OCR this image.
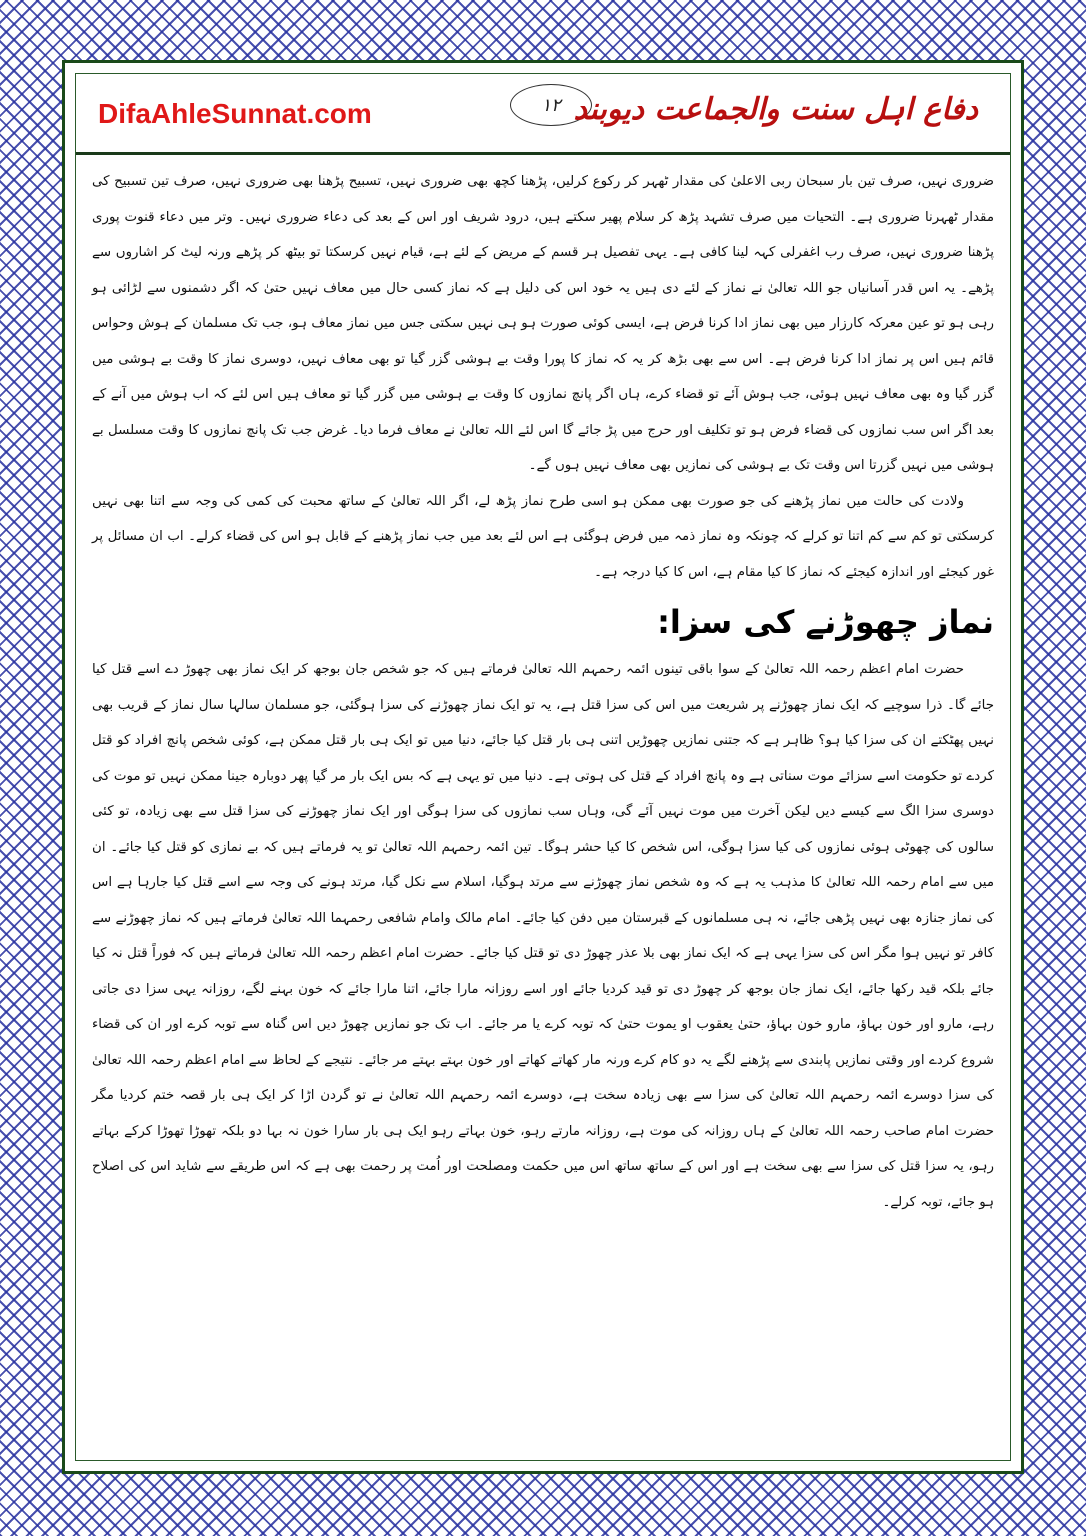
DifaAhleSunnat.com	۱۲ دفاع اہل سنت والجماعت دیوبند

ضروری نہیں، صرف تین بار سبحان ربی الاعلیٰ کی مقدار ٹھہر کر رکوع کرلیں، پڑھنا کچھ بھی ضروری نہیں، تسبیح پڑھنا بھی ضروری نہیں، صرف تین تسبیح کی مقدار ٹھہرنا ضروری ہے۔ التحیات میں صرف تشہد پڑھ کر سلام پھیر سکتے ہیں، درود شریف اور اس کے بعد کی دعاء ضروری نہیں۔ وتر میں دعاء قنوت پوری پڑھنا ضروری نہیں، صرف رب اغفرلی کہہ لینا کافی ہے۔ یہی تفصیل ہر قسم کے مریض کے لئے ہے، قیام نہیں کرسکتا تو بیٹھ کر پڑھے ورنہ لیٹ کر اشاروں سے پڑھے۔ یہ اس قدر آسانیاں جو اللہ تعالیٰ نے نماز کے لئے دی ہیں یہ خود اس کی دلیل ہے کہ نماز کسی حال میں معاف نہیں حتیٰ کہ اگر دشمنوں سے لڑائی ہو رہی ہو تو عین معرکہ کارزار میں بھی نماز ادا کرنا فرض ہے، ایسی کوئی صورت ہو ہی نہیں سکتی جس میں نماز معاف ہو، جب تک مسلمان کے ہوش وحواس قائم ہیں اس پر نماز ادا کرنا فرض ہے۔ اس سے بھی بڑھ کر یہ کہ نماز کا پورا وقت بے ہوشی گزر گیا تو بھی معاف نہیں، دوسری نماز کا وقت بے ہوشی میں گزر گیا وہ بھی معاف نہیں ہوئی، جب ہوش آئے تو قضاء کرے، ہاں اگر پانچ نمازوں کا وقت بے ہوشی میں گزر گیا تو معاف ہیں اس لئے کہ اب ہوش میں آنے کے بعد اگر اس سب نمازوں کی قضاء فرض ہو تو تکلیف اور حرج میں پڑ جائے گا اس لئے اللہ تعالیٰ نے معاف فرما دیا۔ غرض جب تک پانچ نمازوں کا وقت مسلسل بے ہوشی میں نہیں گزرتا اس وقت تک بے ہوشی کی نمازیں بھی معاف نہیں ہوں گے۔

ولادت کی حالت میں نماز پڑھنے کی جو صورت بھی ممکن ہو اسی طرح نماز پڑھ لے، اگر اللہ تعالیٰ کے ساتھ محبت کی کمی کی وجہ سے اتنا بھی نہیں کرسکتی تو کم سے کم اتنا تو کرلے کہ چونکہ وہ نماز ذمہ میں فرض ہوگئی ہے اس لئے بعد میں جب نماز پڑھنے کے قابل ہو اس کی قضاء کرلے۔ اب ان مسائل پر غور کیجئے اور اندازہ کیجئے کہ نماز کا کیا مقام ہے، اس کا کیا درجہ ہے۔

نماز چھوڑنے کی سزا:

حضرت امام اعظم رحمہ اللہ تعالیٰ کے سوا باقی تینوں ائمہ رحمہم اللہ تعالیٰ فرماتے ہیں کہ جو شخص جان بوجھ کر ایک نماز بھی چھوڑ دے اسے قتل کیا جائے گا۔ ذرا سوچیے کہ ایک نماز چھوڑنے پر شریعت میں اس کی سزا قتل ہے، یہ تو ایک نماز چھوڑنے کی سزا ہوگئی، جو مسلمان سالہا سال نماز کے قریب بھی نہیں پھٹکتے ان کی سزا کیا ہو؟ ظاہر ہے کہ جتنی نمازیں چھوڑیں اتنی ہی بار قتل کیا جائے، دنیا میں تو ایک ہی بار قتل ممکن ہے، کوئی شخص پانچ افراد کو قتل کردے تو حکومت اسے سزائے موت سناتی ہے وہ پانچ افراد کے قتل کی ہوتی ہے۔ دنیا میں تو یہی ہے کہ بس ایک بار مر گیا پھر دوبارہ جینا ممکن نہیں تو موت کی دوسری سزا الگ سے کیسے دیں لیکن آخرت میں موت نہیں آئے گی، وہاں سب نمازوں کی سزا ہوگی اور ایک نماز چھوڑنے کی سزا قتل سے بھی زیادہ، تو کئی سالوں کی چھوٹی ہوئی نمازوں کی کیا سزا ہوگی، اس شخص کا کیا حشر ہوگا۔ تین ائمہ رحمہم اللہ تعالیٰ تو یہ فرماتے ہیں کہ بے نمازی کو قتل کیا جائے۔ ان میں سے امام رحمہ اللہ تعالیٰ کا مذہب یہ ہے کہ وہ شخص نماز چھوڑنے سے مرتد ہوگیا، اسلام سے نکل گیا، مرتد ہونے کی وجہ سے اسے قتل کیا جارہا ہے اس کی نماز جنازہ بھی نہیں پڑھی جائے، نہ ہی مسلمانوں کے قبرستان میں دفن کیا جائے۔ امام مالک وامام شافعی رحمہما اللہ تعالیٰ فرماتے ہیں کہ نماز چھوڑنے سے کافر تو نہیں ہوا مگر اس کی سزا یہی ہے کہ ایک نماز بھی بلا عذر چھوڑ دی تو قتل کیا جائے۔ حضرت امام اعظم رحمہ اللہ تعالیٰ فرماتے ہیں کہ فوراً قتل نہ کیا جائے بلکہ قید رکھا جائے، ایک نماز جان بوجھ کر چھوڑ دی تو قید کردیا جائے اور اسے روزانہ مارا جائے، اتنا مارا جائے کہ خون بہنے لگے، روزانہ یہی سزا دی جاتی رہے، مارو اور خون بہاؤ، مارو خون بہاؤ، حتیٰ یعقوب او یموت حتیٰ کہ توبہ کرے یا مر جائے۔ اب تک جو نمازیں چھوڑ دیں اس گناہ سے توبہ کرے اور ان کی قضاء شروع کردے اور وقتی نمازیں پابندی سے پڑھنے لگے یہ دو کام کرے ورنہ مار کھاتے کھاتے اور خون بہتے بہتے مر جائے۔ نتیجے کے لحاظ سے امام اعظم رحمہ اللہ تعالیٰ کی سزا دوسرے ائمہ رحمہم اللہ تعالیٰ کی سزا سے بھی زیادہ سخت ہے، دوسرے ائمہ رحمہم اللہ تعالیٰ نے تو گردن اڑا کر ایک ہی بار قصہ ختم کردیا مگر حضرت امام صاحب رحمہ اللہ تعالیٰ کے ہاں روزانہ کی موت ہے، روزانہ مارتے رہو، خون بہاتے رہو ایک ہی بار سارا خون نہ بہا دو بلکہ تھوڑا تھوڑا کرکے بہاتے رہو، یہ سزا قتل کی سزا سے بھی سخت ہے اور اس کے ساتھ ساتھ اس میں حکمت ومصلحت اور اُمت پر رحمت بھی ہے کہ اس طریقے سے شاید اس کی اصلاح ہو جائے، توبہ کرلے۔
